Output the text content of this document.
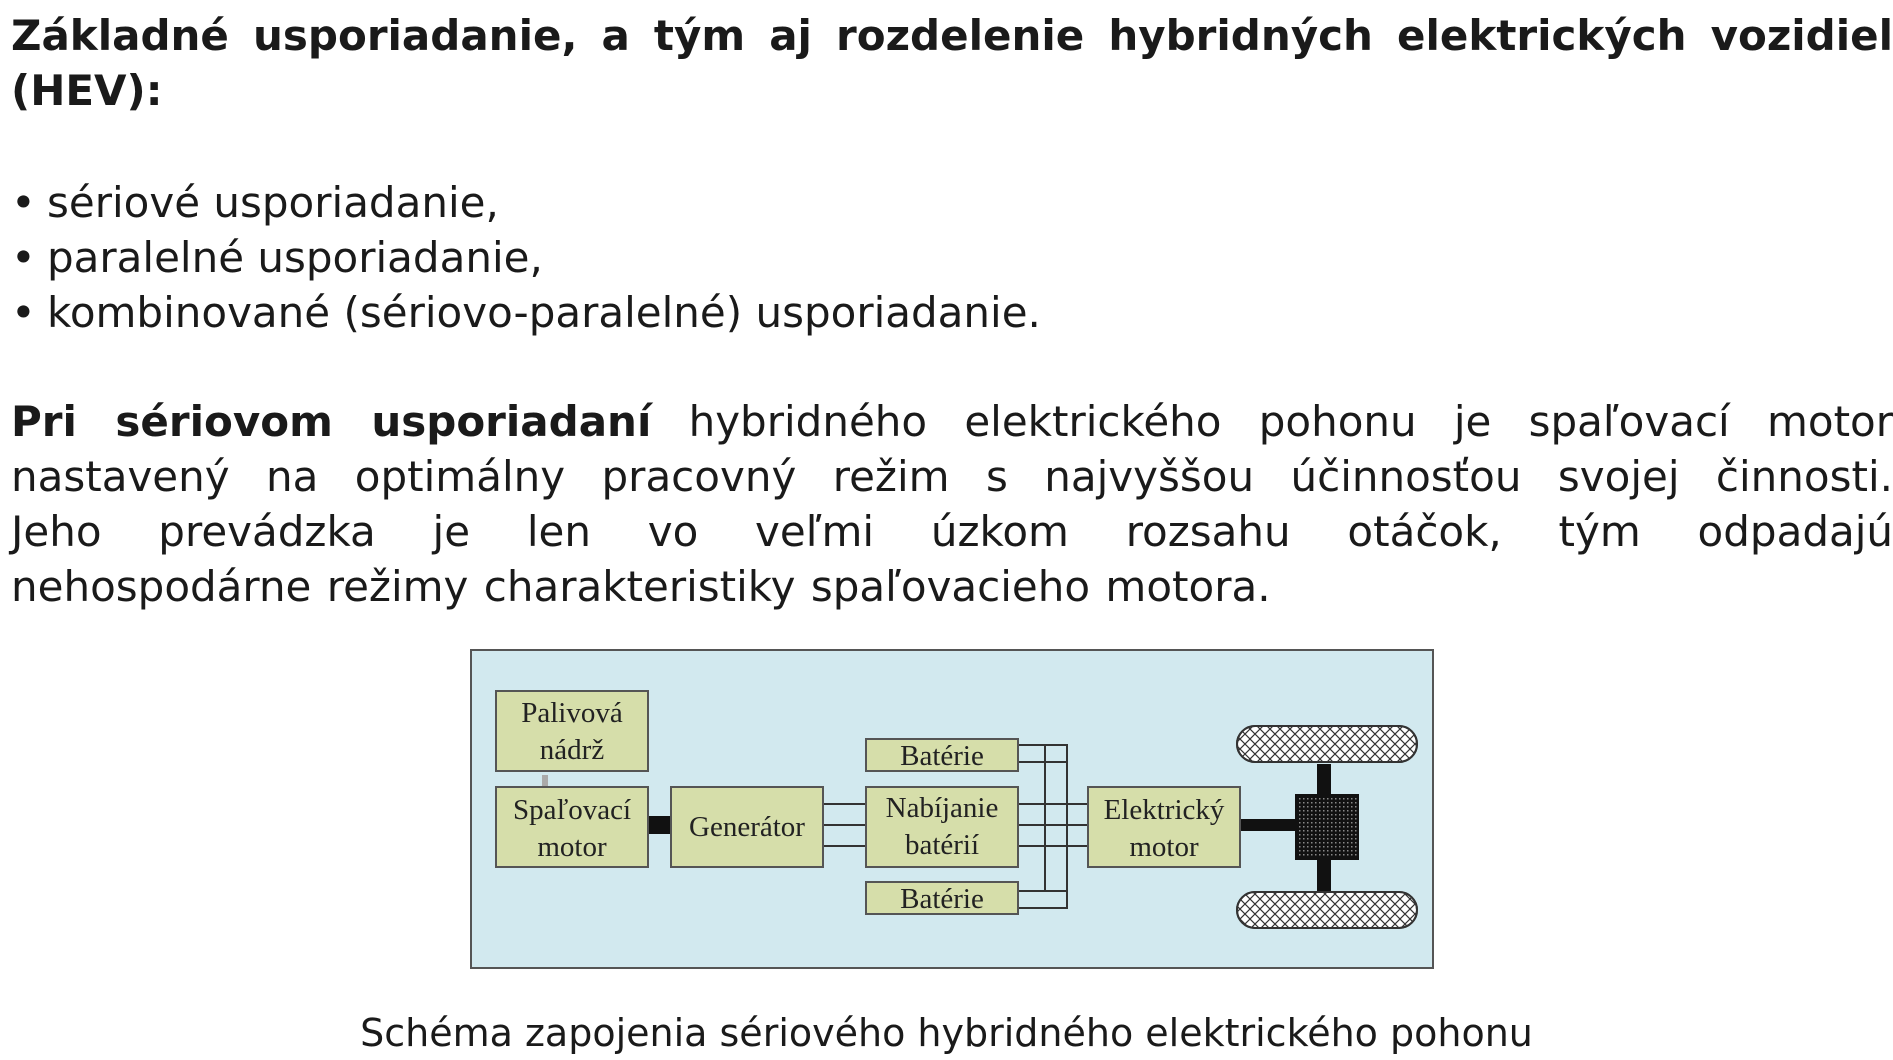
Základné usporiadanie, a tým aj rozdelenie hybridných elektrických vozidiel
(HEV):
• sériové usporiadanie,
• paralelné usporiadanie,
• kombinované (sériovo-paralelné) usporiadanie.
Pri sériovom usporiadaní hybridného elektrického pohonu je spaľovací motor
nastavený na optimálny pracovný režim s najvyššou účinnosťou svojej činnosti.
Jeho prevádzka je len vo veľmi úzkom rozsahu otáčok, tým odpadajú
nehospodárne režimy charakteristiky spaľovacieho motora.
Palivová
nádrž
Spaľovací
motor
Generátor
Batérie
Nabíjanie
batérií
Batérie
Elektrický
motor
Schéma zapojenia sériového hybridného elektrického pohonu
